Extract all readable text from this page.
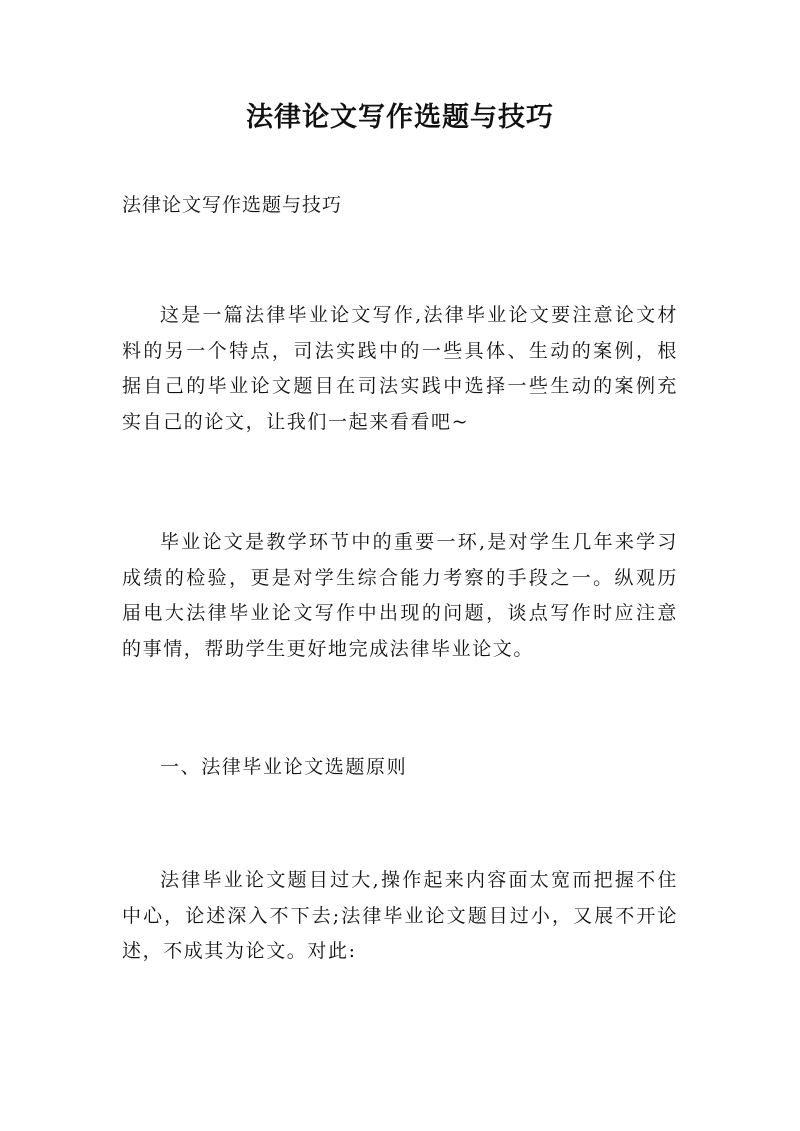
法律论文写作选题与技巧

法律论文写作选题与技巧

这是一篇法律毕业论文写作,法律毕业论文要注意论文材料的另一个特点，司法实践中的一些具体、生动的案例，根据自己的毕业论文题目在司法实践中选择一些生动的案例充实自己的论文，让我们一起来看看吧~

毕业论文是教学环节中的重要一环,是对学生几年来学习成绩的检验，更是对学生综合能力考察的手段之一。纵观历届电大法律毕业论文写作中出现的问题，谈点写作时应注意的事情，帮助学生更好地完成法律毕业论文。

一、法律毕业论文选题原则

法律毕业论文题目过大,操作起来内容面太宽而把握不住中心，论述深入不下去;法律毕业论文题目过小，又展不开论述，不成其为论文。对此:
